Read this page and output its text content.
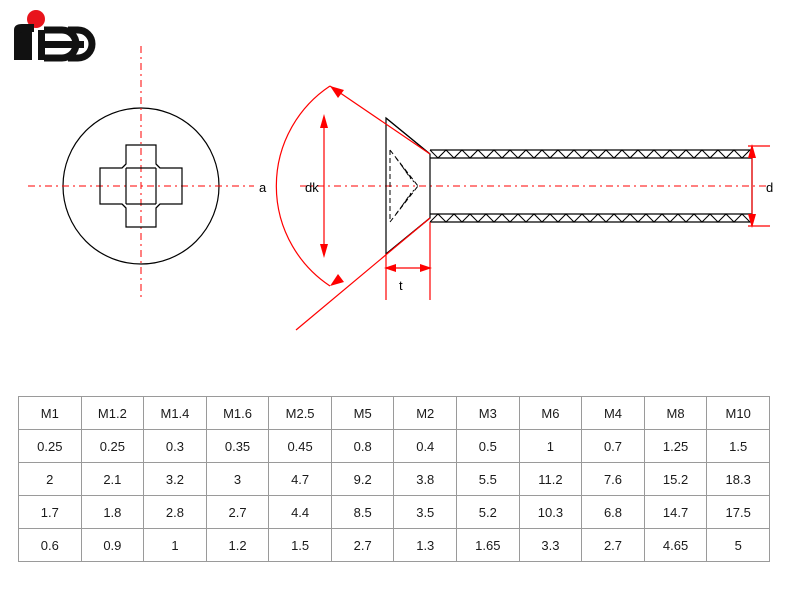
a	dk
t
d
M1	M1.2	M1.4	M1.6	M2.5	M5	M2	M3	M6	M4	M8	M10
0.25	0.25	0.3	0.35	0.45	0.8	0.4	0.5	1	0.7	1.25	1.5
2	2.1	3.2	3	4.7	9.2	3.8	5.5	11.2	7.6	15.2	18.3
1.7	1.8	2.8	2.7	4.4	8.5	3.5	5.2	10.3	6.8	14.7	17.5
0.6	0.9	1	1.2	1.5	2.7	1.3	1.65	3.3	2.7	4.65	5
